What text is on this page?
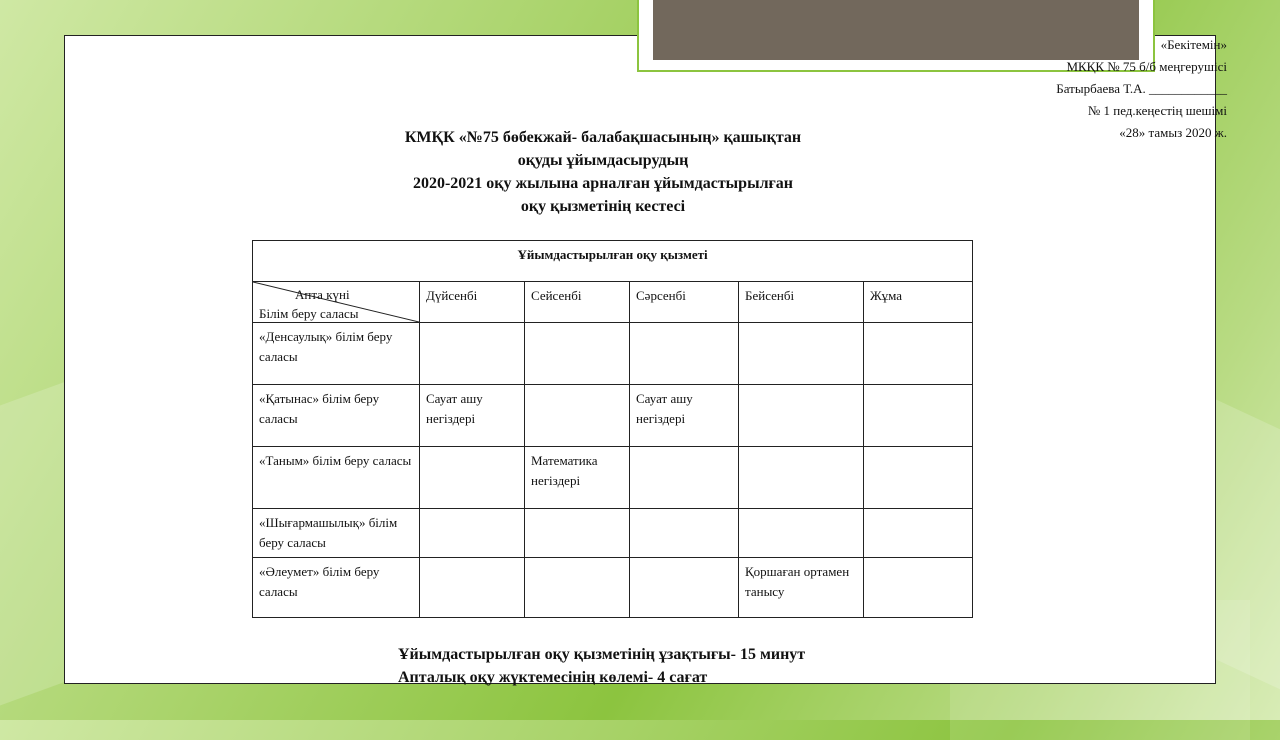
«Бекітемін»
МКҚК № 75 б/б меңгерушісі
Батырбаева Т.А. ____________
№ 1 пед.кеңестің шешімі
«28» тамыз 2020 ж.
КМҚК «№75 бөбекжай- балабақшасының» қашықтан
оқуды ұйымдасырудың
2020-2021 оқу жылына арналған ұйымдастырылған
оқу қызметінің кестесі
Ұйымдастырылған оқу қызметі					

Апта күні
Білім беру саласы	Дүйсенбі	Сейсенбі	Сәрсенбі	Бейсенбі	Жұма
«Денсаулық» білім беру саласы					
«Қатынас» білім беру саласы	Сауат ашу негіздері		Сауат ашу негіздері		
«Таным» білім беру саласы		Математика негіздері			
«Шығармашылық» білім беру саласы					
«Әлеумет» білім беру саласы				Қоршаған ортамен танысу	
Ұйымдастырылған оқу қызметінің ұзақтығы- 15 минут
Апталық оқу жүктемесінің көлемі- 4 сағат
